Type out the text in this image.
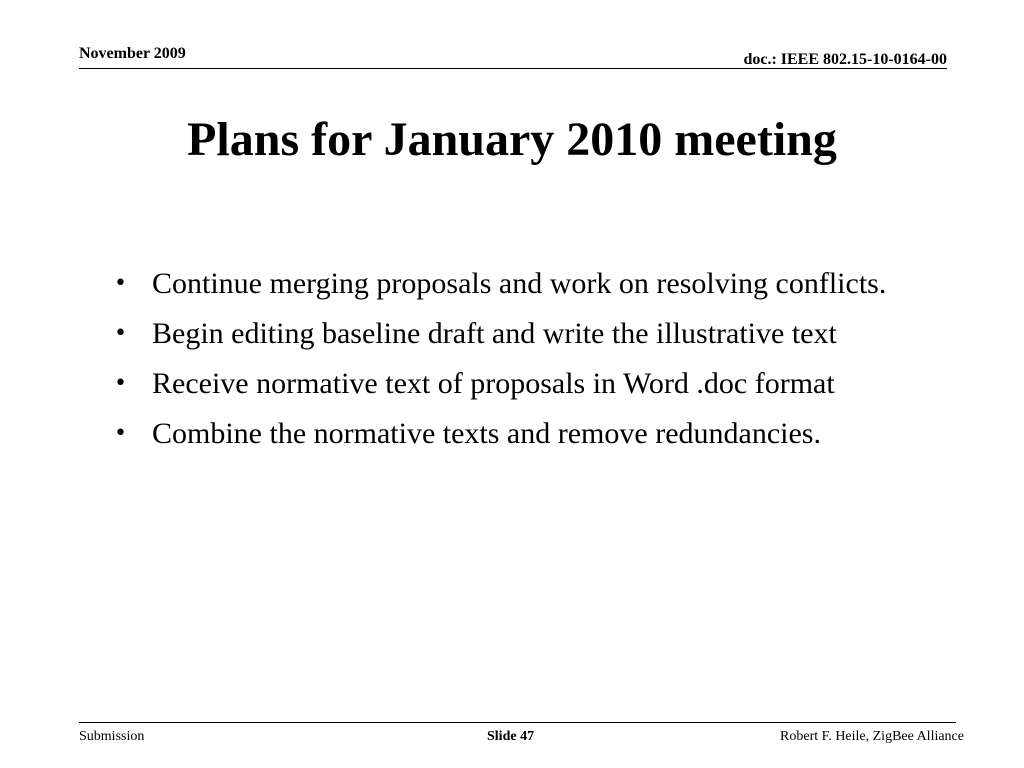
November 2009	doc.: IEEE 802.15-10-0164-00
Plans for January 2010 meeting
• Continue merging proposals and work on resolving conflicts.
• Begin editing baseline draft and write the illustrative text
• Receive normative text of proposals in Word .doc format
• Combine the normative texts and remove redundancies.
Submission	Slide 47	Robert F. Heile, ZigBee Alliance
